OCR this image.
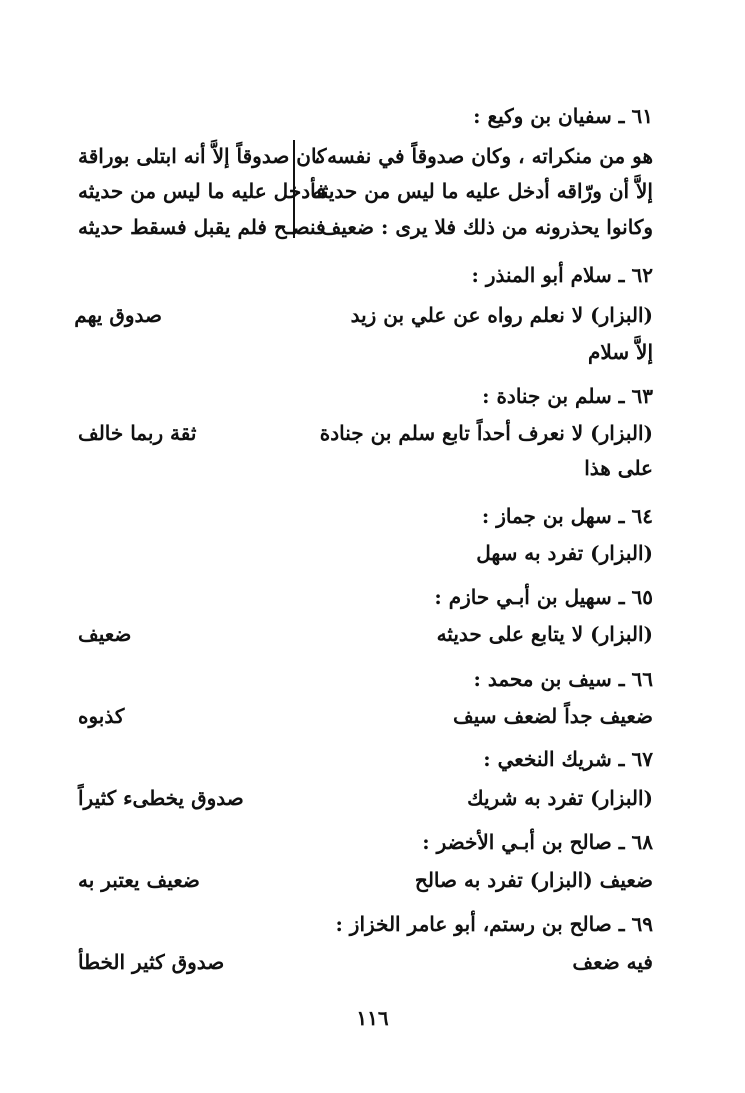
٦١ ـ سفيان بن وكيع :
هو من منكراته ، وكان صدوقاً في نفسه ،
إلاَّ أن ورّاقه أدخل عليه ما ليس من حديثه
وكانوا يحذرونه من ذلك فلا يرى : ضعيف
كان صدوقاً إلاَّ أنه ابتلى بوراقة
فأدخل عليه ما ليس من حديثه
فنصـح فلم يقبل فسقط حديثه
٦٢ ـ سلام أبو المنذر :
(البزار) لا نعلم رواه عن علي بن زيد
إلاَّ سلام
صدوق يهم
٦٣ ـ سلم بن جنادة :
(البزار) لا نعرف أحداً تابع سلم بن جنادة
على هذا
ثقة ربما خالف
٦٤ ـ سهل بن جماز :
(البزار) تفرد به سهل
٦٥ ـ سهيل بن أبـي حازم :
(البزار) لا يتابع على حديثه
ضعيف
٦٦ ـ سيف بن محمد :
ضعيف جداً لضعف سيف
كذبوه
٦٧ ـ شريك النخعي :
(البزار) تفرد به شريك
صدوق يخطىء كثيراً
٦٨ ـ صالح بن أبـي الأخضر :
ضعيف (البزار) تفرد به صالح
ضعيف يعتبر به
٦٩ ـ صالح بن رستم، أبو عامر الخزاز :
فيه ضعف
صدوق كثير الخطأ
١١٦
